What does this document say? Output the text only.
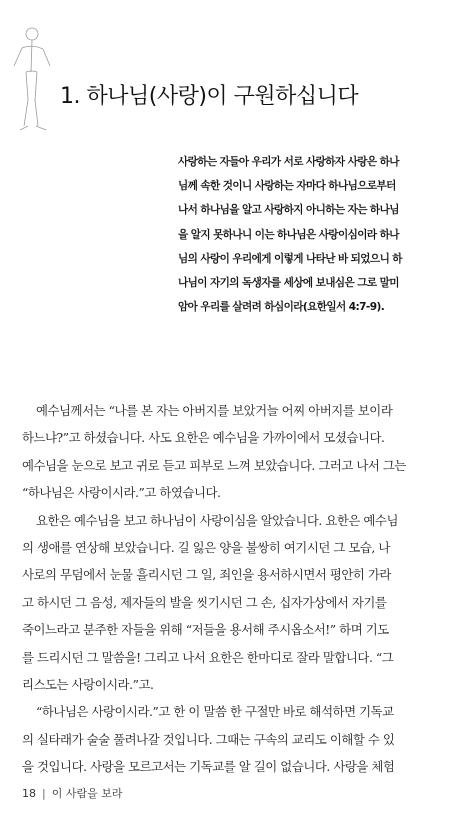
1. 하나님(사랑)이 구원하십니다
사랑하는 자들아 우리가 서로 사랑하자 사랑은 하나
님께 속한 것이니 사랑하는 자마다 하나님으로부터
나서 하나님을 알고 사랑하지 아니하는 자는 하나님
을 알지 못하나니 이는 하나님은 사랑이심이라 하나
님의 사랑이 우리에게 이렇게 나타난 바 되었으니 하
나님이 자기의 독생자를 세상에 보내심은 그로 말미
암아 우리를 살려려 하심이라(요한일서 4:7-9).
예수님께서는 “나를 본 자는 아버지를 보았거늘 어찌 아버지를 보이라
하느냐?”고 하셨습니다. 사도 요한은 예수님을 가까이에서 모셨습니다.
예수님을 눈으로 보고 귀로 듣고 피부로 느껴 보았습니다. 그러고 나서 그는
“하나님은 사랑이시라.”고 하였습니다.
요한은 예수님을 보고 하나님이 사랑이심을 알았습니다. 요한은 예수님
의 생애를 연상해 보았습니다. 길 잃은 양을 불쌍히 여기시던 그 모습, 나
사로의 무덤에서 눈물 흘리시던 그 일, 죄인을 용서하시면서 평안히 가라
고 하시던 그 음성, 제자들의 발을 씻기시던 그 손, 십자가상에서 자기를
죽이느라고 분주한 자들을 위해 “저들을 용서해 주시옵소서!” 하며 기도
를 드리시던 그 말씀을! 그리고 나서 요한은 한마디로 잘라 말합니다. “그
리스도는 사랑이시라.”고.
“하나님은 사랑이시라.”고 한 이 말씀 한 구절만 바로 해석하면 기독교
의 실타래가 술술 풀려나갈 것입니다. 그때는 구속의 교리도 이해할 수 있
을 것입니다. 사랑을 모르고서는 기독교를 알 길이 없습니다. 사랑을 체험
18 | 이 사람을 보라
